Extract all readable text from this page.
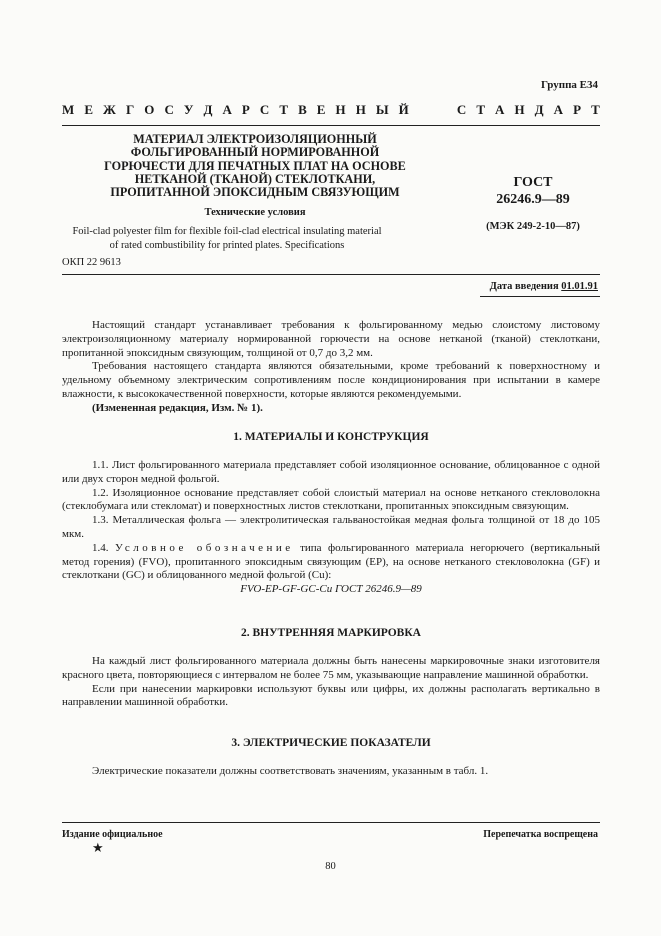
Группа Е34
М Е Ж Г О С У Д А Р С Т В Е Н Н Ы Й	С Т А Н Д А Р Т
МАТЕРИАЛ ЭЛЕКТРОИЗОЛЯЦИОННЫЙ
ФОЛЬГИРОВАННЫЙ НОРМИРОВАННОЙ
ГОРЮЧЕСТИ ДЛЯ ПЕЧАТНЫХ ПЛАТ НА ОСНОВЕ
НЕТКАНОЙ (ТКАНОЙ) СТЕКЛОТКАНИ,
ПРОПИТАННОЙ ЭПОКСИДНЫМ СВЯЗУЮЩИМ
Технические условия
Foil-clad polyester film for flexible foil-clad electrical insulating material
of rated combustibility for printed plates. Specifications
ОКП 22 9613
ГОСТ
26246.9—89
(МЭК 249-2-10—87)
Дата введения 01.01.91

Настоящий стандарт устанавливает требования к фольгированному медью слоистому листовому электроизоляционному материалу нормированной горючести на основе нетканой (тканой) стеклоткани, пропитанной эпоксидным связующим, толщиной от 0,7 до 3,2 мм.

Требования настоящего стандарта являются обязательными, кроме требований к поверхностному и удельному объемному электрическим сопротивлениям после кондиционирования при испытании в камере влажности, к высококачественной поверхности, которые являются рекомендуемыми.

(Измененная редакция, Изм. № 1).

1. МАТЕРИАЛЫ И КОНСТРУКЦИЯ

1.1. Лист фольгированного материала представляет собой изоляционное основание, облицованное с одной или двух сторон медной фольгой.

1.2. Изоляционное основание представляет собой слоистый материал на основе нетканого стекловолокна (стеклобумага или стекломат) и поверхностных листов стеклоткани, пропитанных эпоксидным связующим.

1.3. Металлическая фольга — электролитическая гальваностойкая медная фольга толщиной от 18 до 105 мкм.

1.4. Условное обозначение типа фольгированного материала негорючего (вертикальный метод горения) (FVO), пропитанного эпоксидным связующим (EP), на основе нетканого стекловолокна (GF) и стеклоткани (GC) и облицованного медной фольгой (Cu):

FVO-EP-GF-GC-Cu ГОСТ 26246.9—89

2. ВНУТРЕННЯЯ МАРКИРОВКА

На каждый лист фольгированного материала должны быть нанесены маркировочные знаки изготовителя красного цвета, повторяющиеся с интервалом не более 75 мм, указывающие направление машинной обработки.

Если при нанесении маркировки используют буквы или цифры, их должны располагать вертикально в направлении машинной обработки.

3. ЭЛЕКТРИЧЕСКИЕ ПОКАЗАТЕЛИ

Электрические показатели должны соответствовать значениям, указанным в табл. 1.

Издание официальное	Перепечатка воспрещена
★
80
